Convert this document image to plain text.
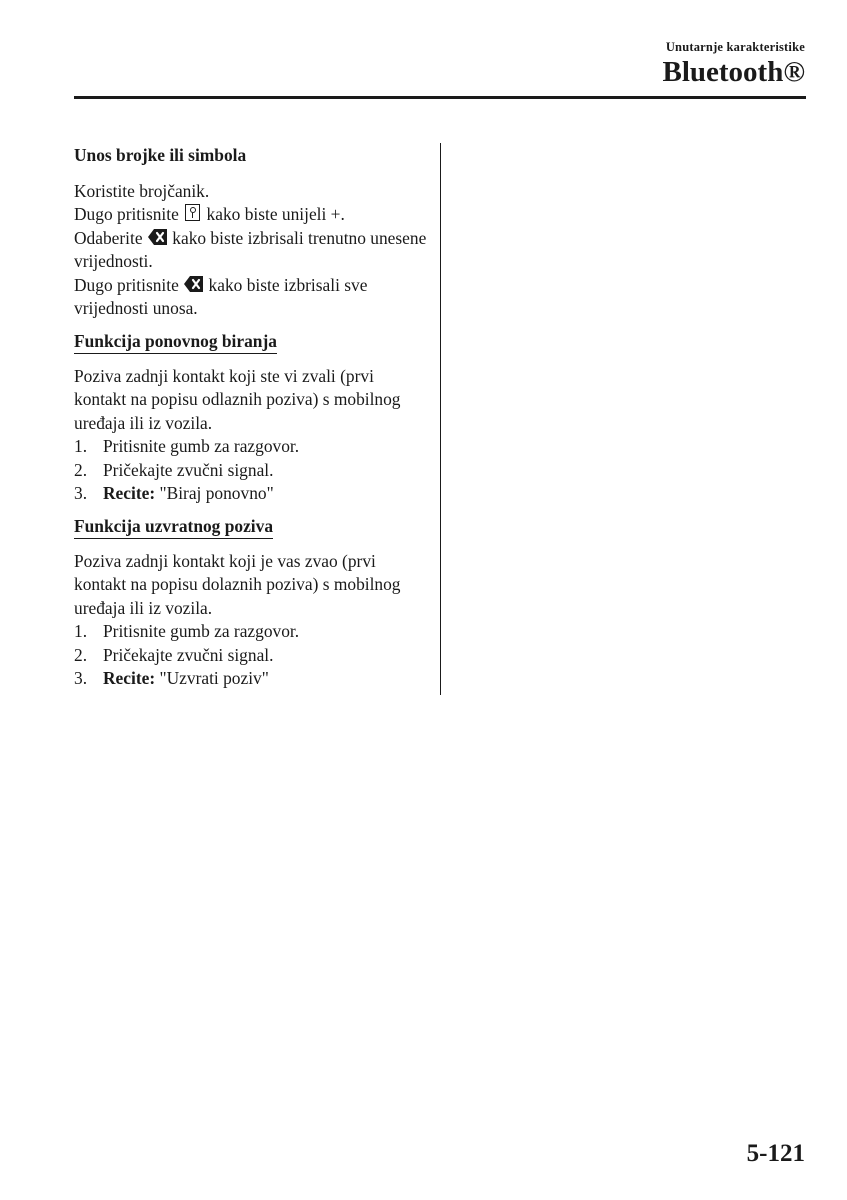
Unutarnje karakteristike
Bluetooth®
Unos brojke ili simbola
Koristite brojčanik.
Dugo pritisnite kako biste unijeli +.
Odaberite kako biste izbrisali trenutno unesene vrijednosti.
Dugo pritisnite kako biste izbrisali sve vrijednosti unosa.
Funkcija ponovnog biranja

Poziva zadnji kontakt koji ste vi zvali (prvi kontakt na popisu odlaznih poziva) s mobilnog uređaja ili iz vozila.

1. Pritisnite gumb za razgovor.
2. Pričekajte zvučni signal.
3. Recite: "Biraj ponovno"
Funkcija uzvratnog poziva

Poziva zadnji kontakt koji je vas zvao (prvi kontakt na popisu dolaznih poziva) s mobilnog uređaja ili iz vozila.

1. Pritisnite gumb za razgovor.
2. Pričekajte zvučni signal.
3. Recite: "Uzvrati poziv"
5-121
